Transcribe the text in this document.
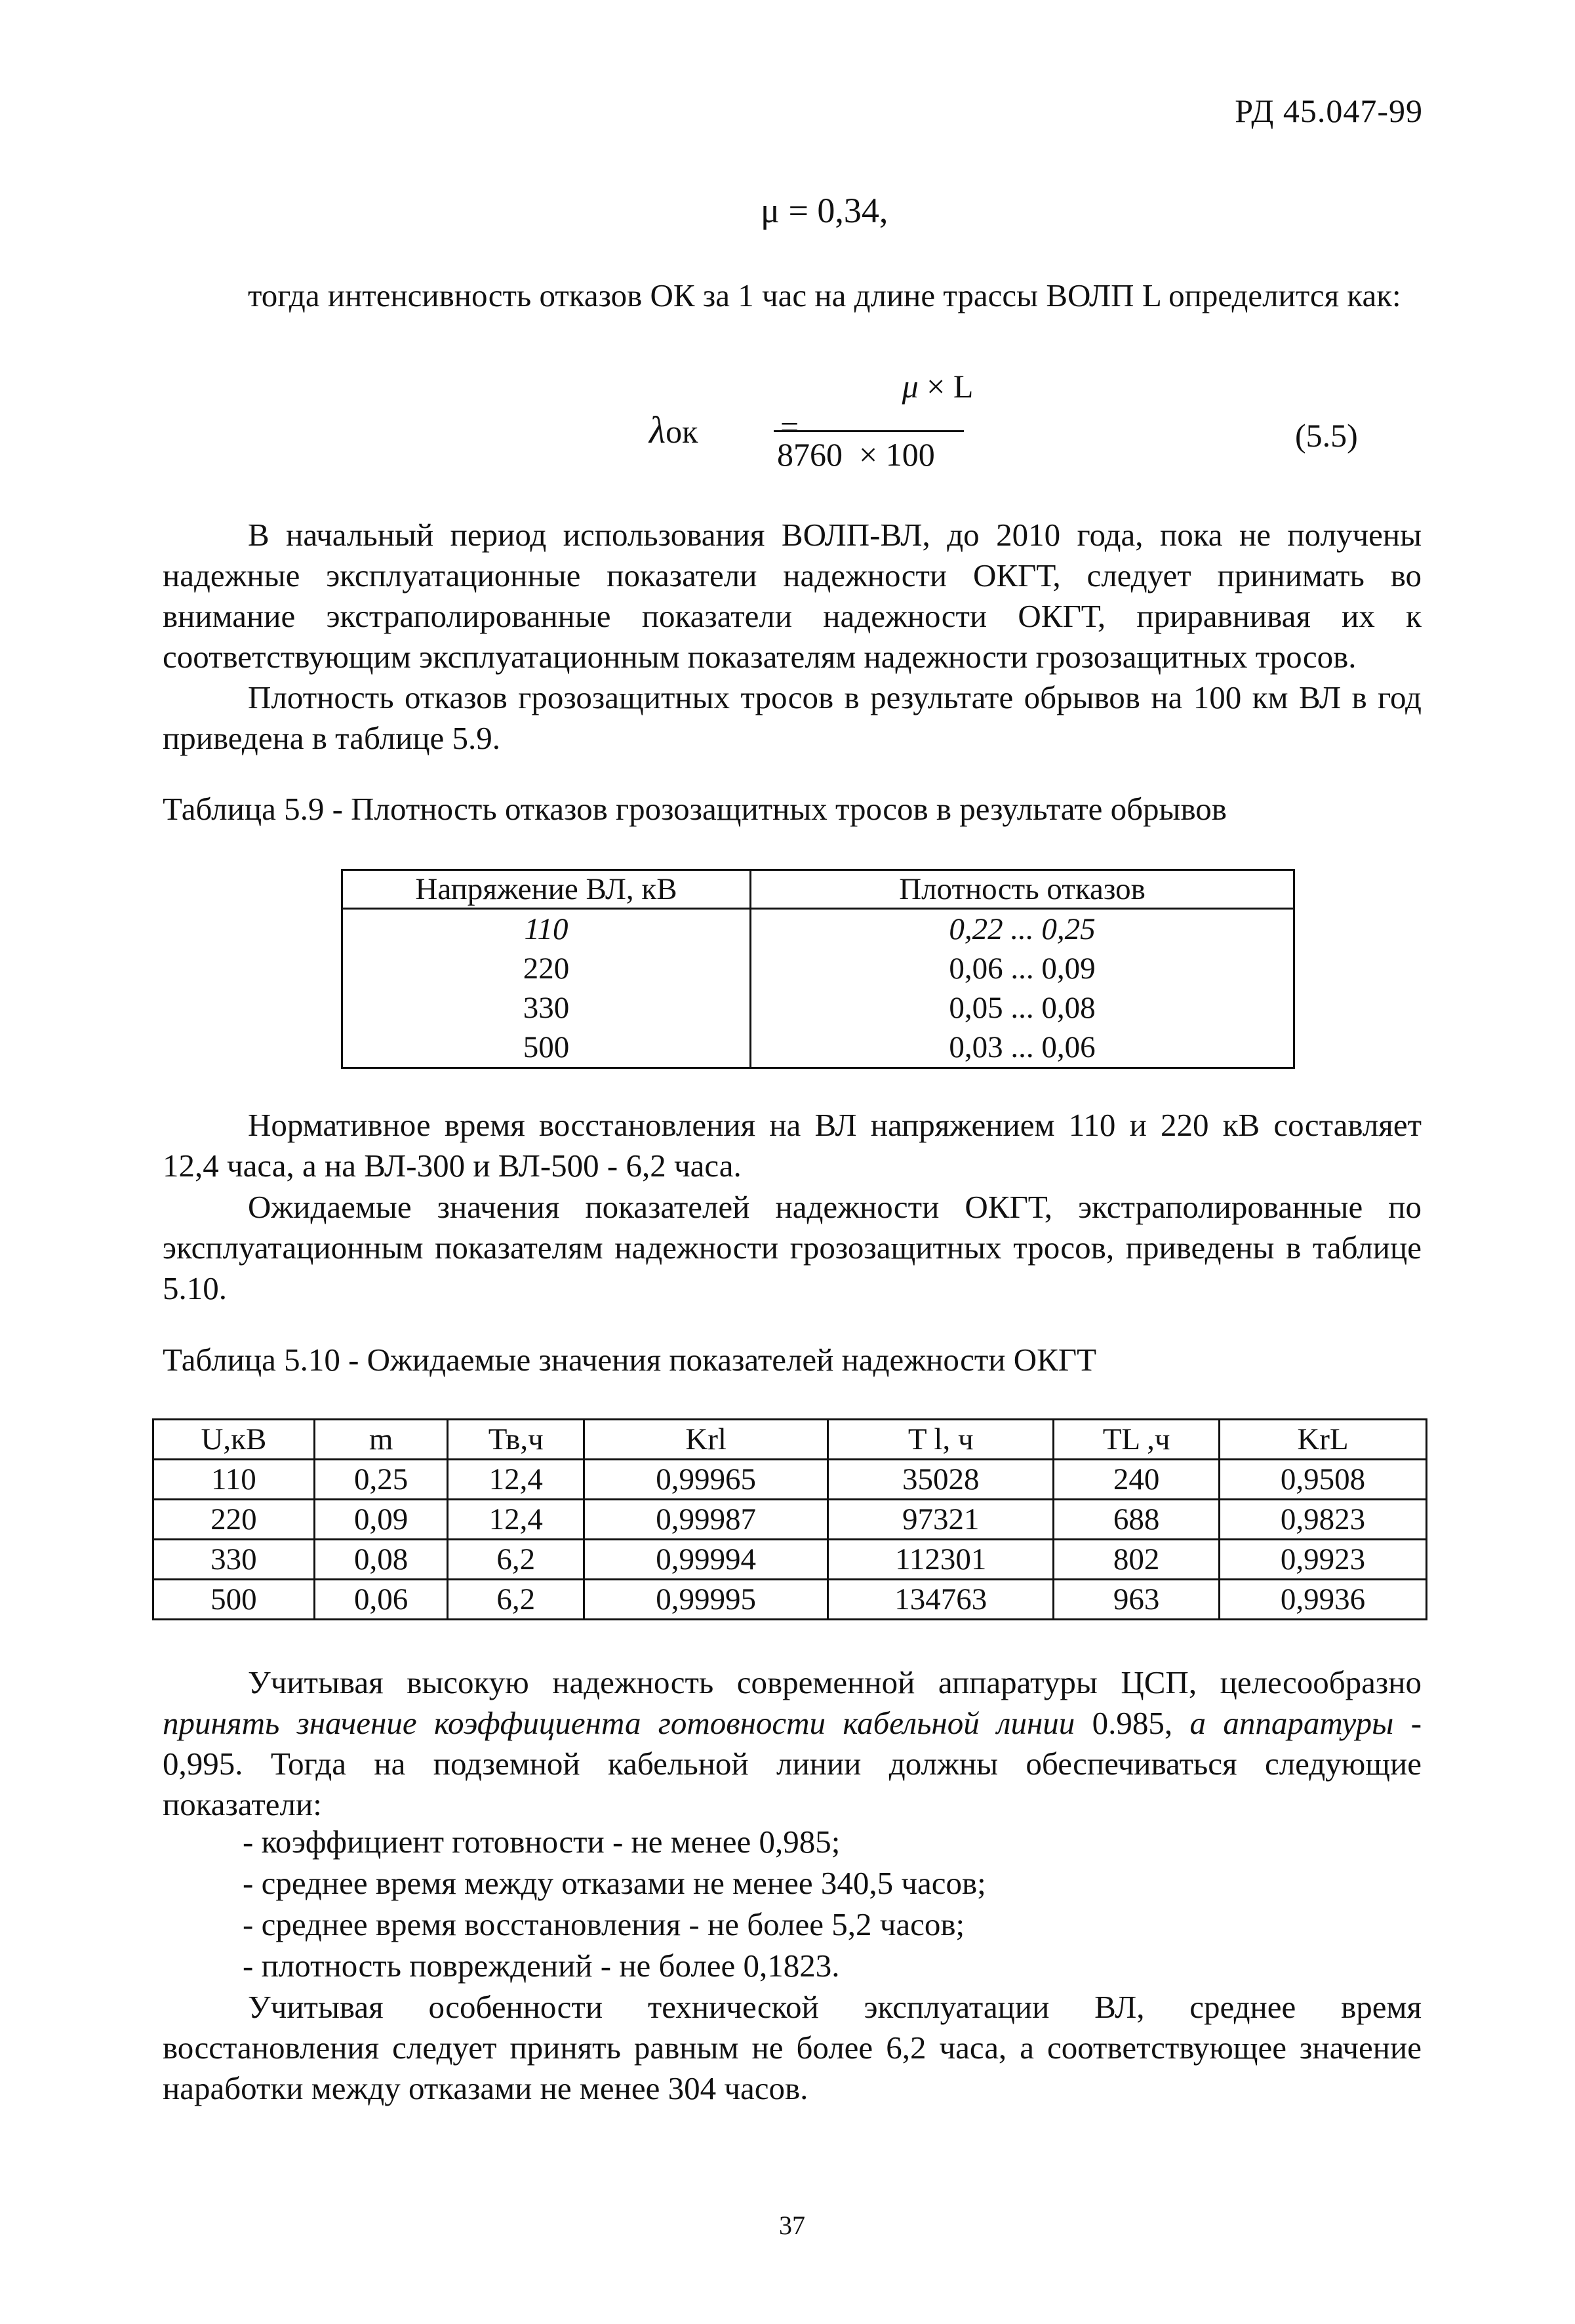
РД 45.047-99
μ = 0,34,
тогда интенсивность отказов ОК за 1 час на длине трассы ВОЛП L определится как:
λок	=
μ × L
8760  × 100
(5.5)
В начальный период использования ВОЛП-ВЛ, до 2010 года, пока не получены надежные эксплуатационные показатели надежности ОКГТ, следует принимать во внимание экстраполированные показатели надежности ОКГТ, приравнивая их к соответствующим эксплуатационным показателям надежности грозозащитных тросов.
Плотность отказов грозозащитных тросов в результате обрывов на 100 км ВЛ в год приведена в таблице 5.9.
Таблица 5.9 - Плотность отказов грозозащитных тросов в результате обрывов
Напряжение ВЛ, кВ	Плотность отказов
110	0,22 ... 0,25
220	0,06 ... 0,09
330	0,05 ... 0,08
500	0,03 ... 0,06
Нормативное время восстановления на ВЛ напряжением 110 и 220 кВ составляет 12,4 часа, а на ВЛ-300 и ВЛ-500 - 6,2 часа.
Ожидаемые значения показателей надежности ОКГТ, экстраполированные по эксплуатационным показателям надежности грозозащитных тросов, приведены в таблице 5.10.
Таблица 5.10 - Ожидаемые значения показателей надежности ОКГТ
U,кВ	m	Тв,ч	Krl	T l, ч	TL ,ч	KrL
110	0,25	12,4	0,99965	35028	240	0,9508
220	0,09	12,4	0,99987	97321	688	0,9823
330	0,08	6,2	0,99994	112301	802	0,9923
500	0,06	6,2	0,99995	134763	963	0,9936
Учитывая высокую надежность современной аппаратуры ЦСП, целесообразно принять значение коэффициента готовности кабельной линии 0.985, а аппаратуры - 0,995. Тогда на подземной кабельной линии должны обеспечиваться следующие показатели:
- коэффициент готовности - не менее 0,985;
- среднее время между отказами не менее 340,5 часов;
- среднее время восстановления - не более 5,2 часов;
- плотность повреждений - не более 0,1823.
Учитывая особенности технической эксплуатации ВЛ, среднее время восстановления следует принять равным не более 6,2 часа, а соответствующее значение наработки между отказами не менее 304 часов.
37
